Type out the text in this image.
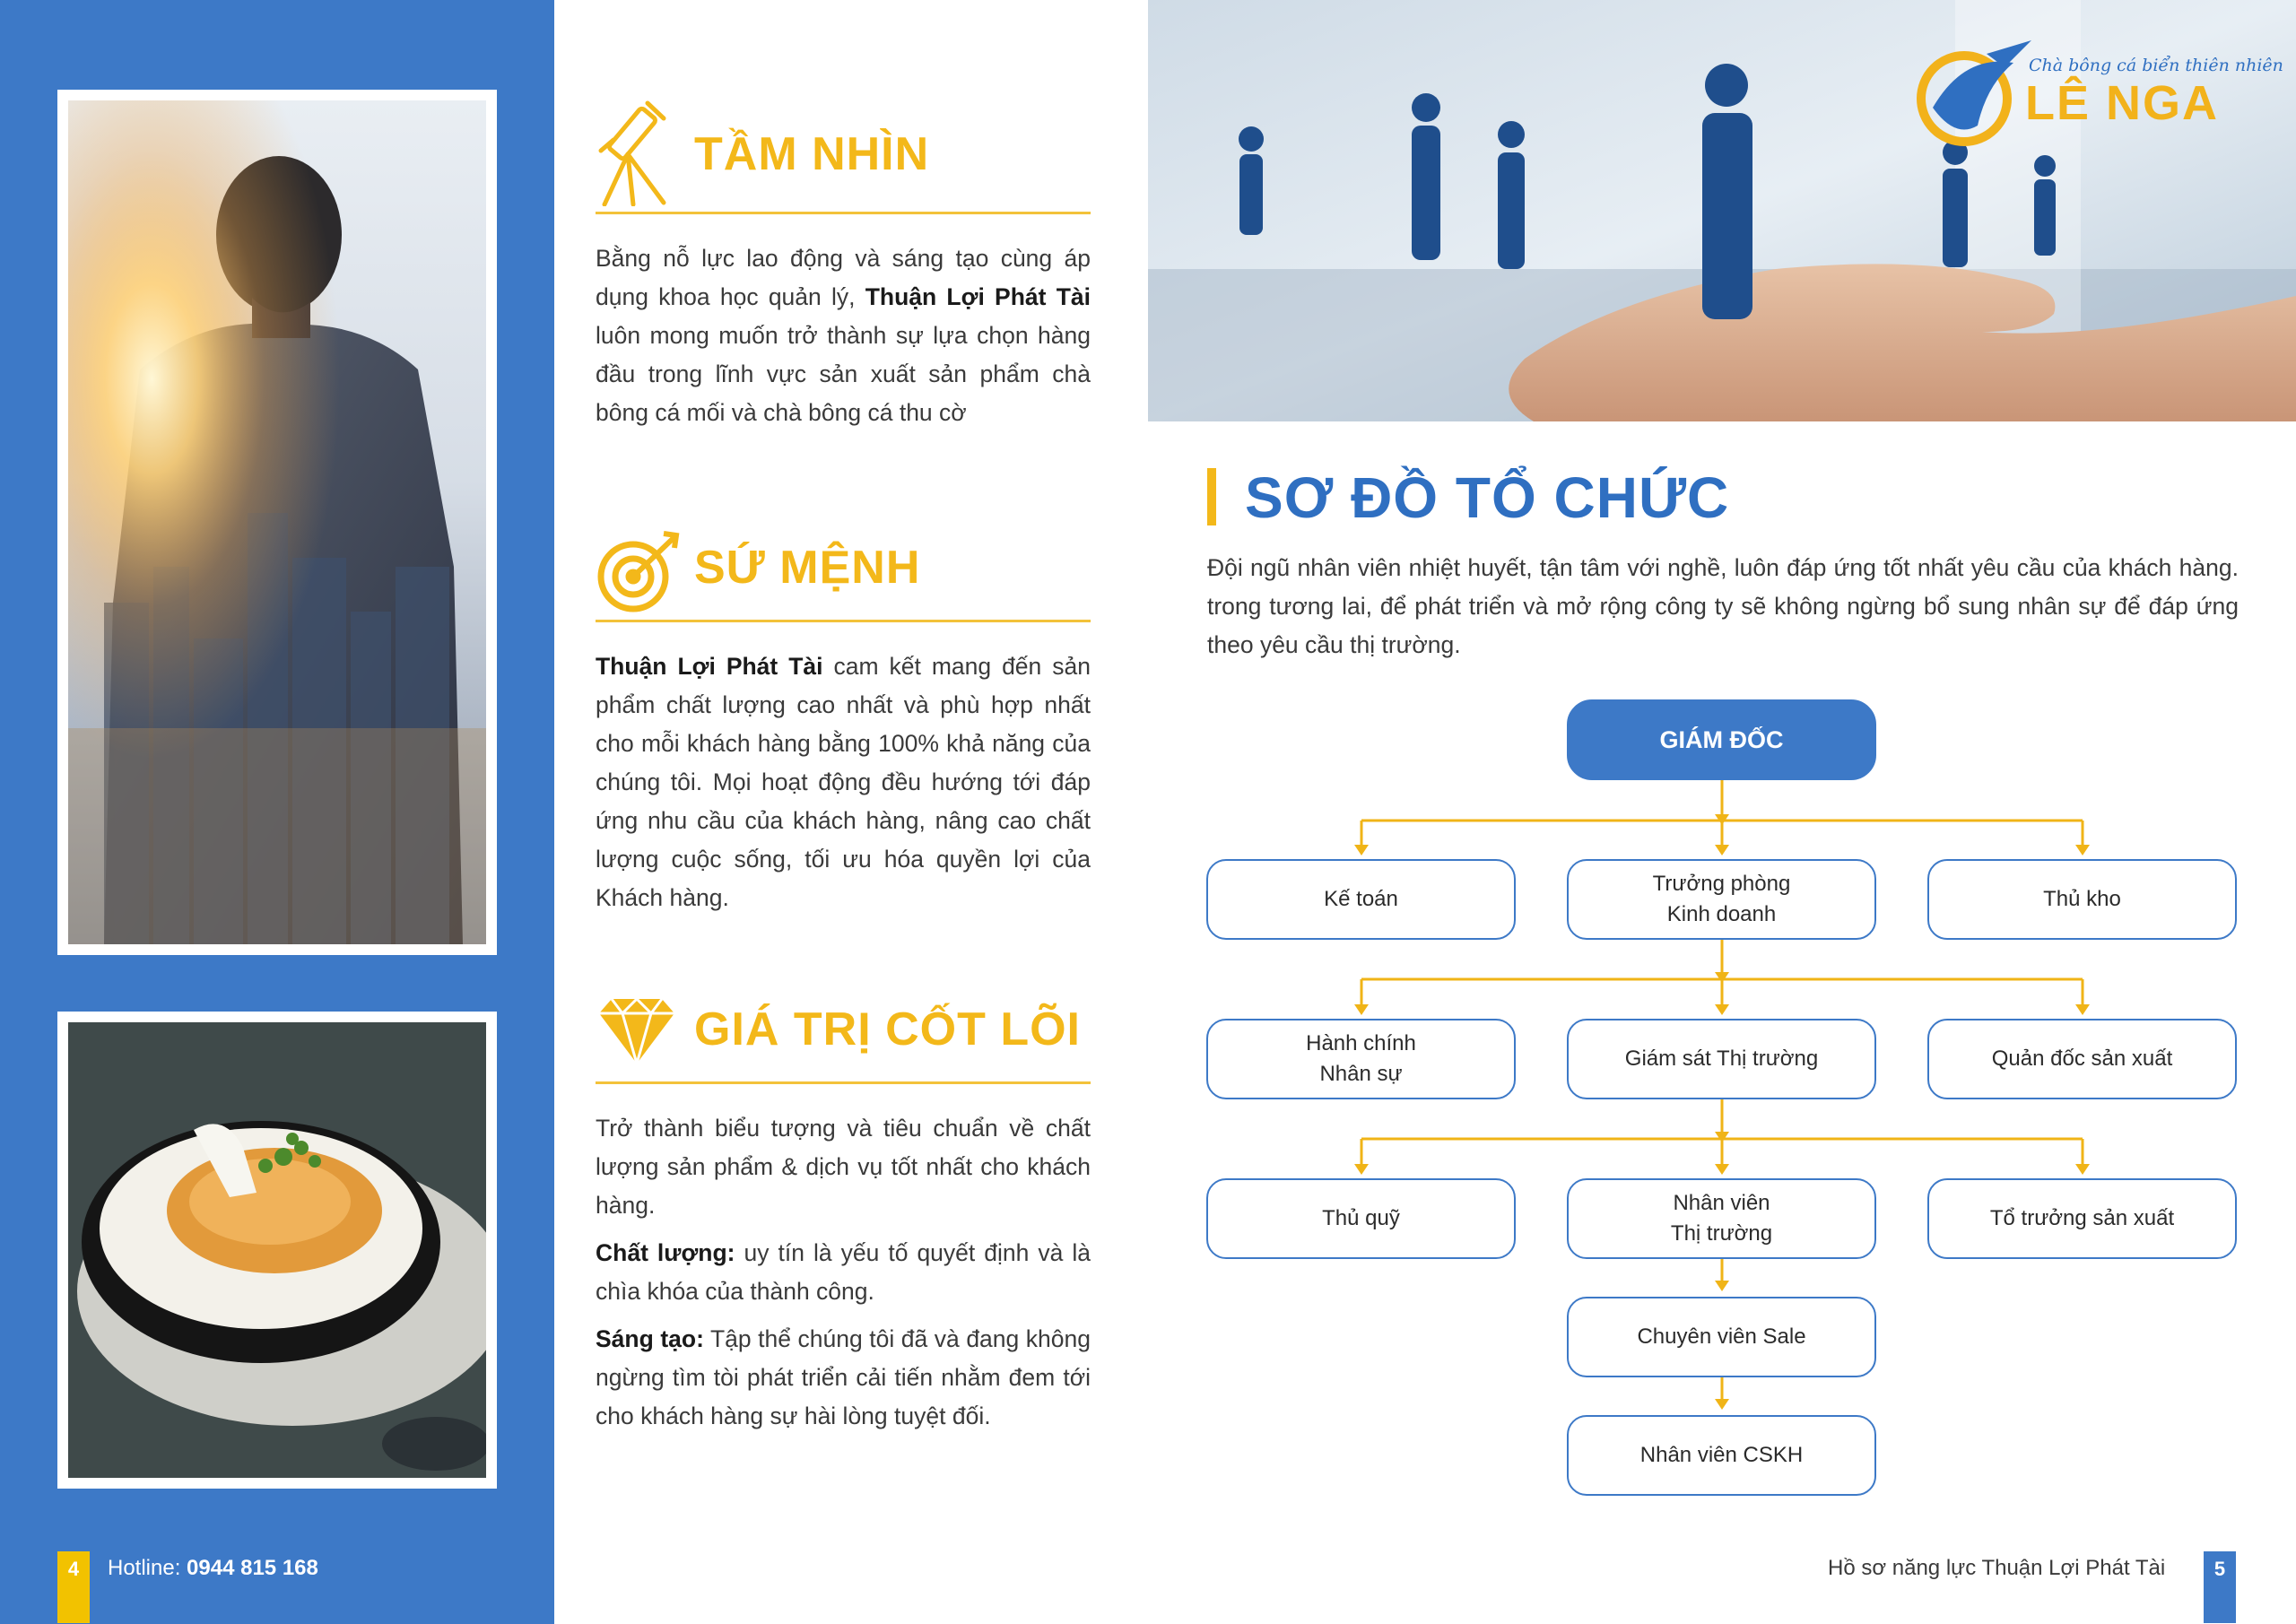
4	Hotline: 0944 815 168
TẦM NHÌN
Bằng nỗ lực lao động và sáng tạo cùng áp dụng khoa học quản lý, Thuận Lợi Phát Tài luôn mong muốn trở thành sự lựa chọn hàng đầu trong lĩnh vực sản xuất sản phẩm chà bông cá mối và chà bông cá thu cờ
SỨ MỆNH
Thuận Lợi Phát Tài cam kết mang đến sản phẩm chất lượng cao nhất và phù hợp nhất cho mỗi khách hàng bằng 100% khả năng của chúng tôi. Mọi hoạt động đều hướng tới đáp ứng nhu cầu của khách hàng, nâng cao chất lượng cuộc sống, tối ưu hóa quyền lợi của Khách hàng.
GIÁ TRỊ CỐT LÕI

Trở thành biểu tượng và tiêu chuẩn về chất lượng sản phẩm & dịch vụ tốt nhất cho khách hàng.

Chất lượng: uy tín là yếu tố quyết định và là chìa khóa của thành công.

Sáng tạo: Tập thể chúng tôi đã và đang không ngừng tìm tòi phát triển cải tiến nhằm đem tới cho khách hàng sự hài lòng tuyệt đối.

Chà bông cá biển thiên nhiên
LÊ NGA
SƠ ĐỒ TỔ CHỨC
Đội ngũ nhân viên nhiệt huyết, tận tâm với nghề, luôn đáp ứng tốt nhất yêu cầu của khách hàng. trong tương lai, để phát triển và mở rộng công ty sẽ không ngừng bổ sung nhân sự để đáp ứng theo yêu cầu thị trường.
GIÁM ĐỐC
Kế toán
Trưởng phòng
Kinh doanh
Thủ kho
Hành chính
Nhân sự
Giám sát Thị trường	Quản đốc sản xuất
Thủ quỹ
Nhân viên
Thị trường
Tổ trưởng sản xuất
Chuyên viên Sale
Nhân viên CSKH
Hồ sơ năng lực Thuận Lợi Phát Tài	5
